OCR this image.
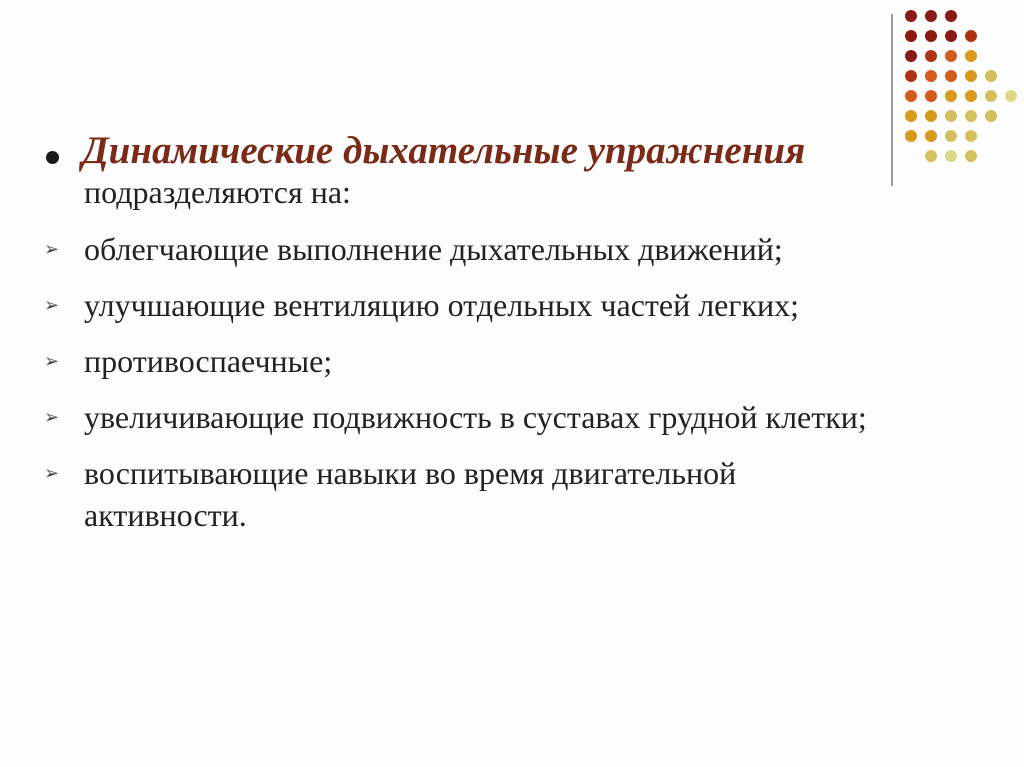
Динамические дыхательные упражнения
подразделяются на:
➢ облегчающие выполнение дыхательных движений;
➢ улучшающие вентиляцию отдельных частей легких;
➢ противоспаечные;
➢ увеличивающие подвижность в суставах грудной клетки;
➢ воспитывающие навыки во время двигательной активности.
